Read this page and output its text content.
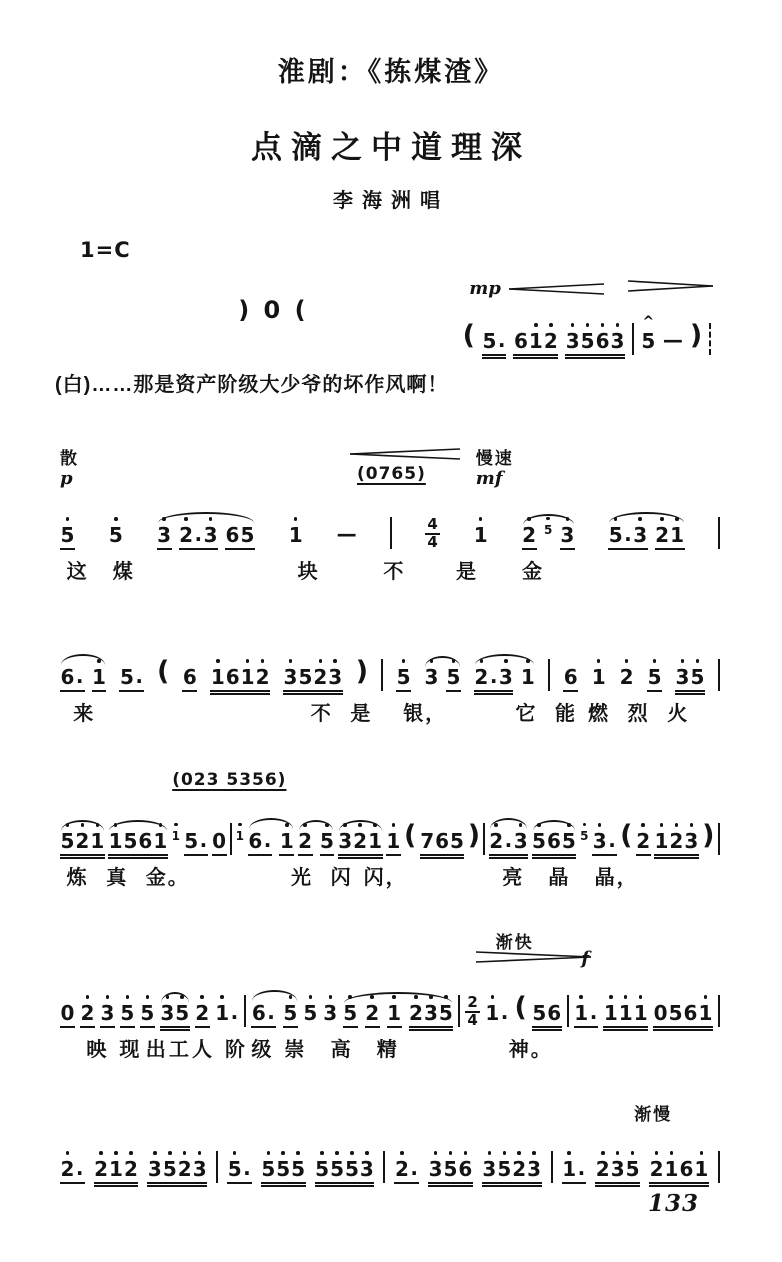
淮剧：《拣煤渣》
点滴之中道理深
李海洲唱
1=C
(白)……那是资产阶级大少爷的坏作风啊！
) 0 (
mp
( 5 . 6 1 2 3 5 6 3 ^ 5 — )
散
p	(0765)
慢速
mf
5 5 3 2 . 3 6 5 1 —	$\frac{4}{4} 1$ 2 5 3 5 . 3 2 1
这 煤	块	不	是 金
6 . 1 5 . ( 6 1 6 1 2 3 5 2 3 ) 5 3 5 2 . 3 1 6 1 2 5 3 5
来	不 是 银，	它 能 燃 烈 火
(023 5356)
5 2 1 1 5 6 1 1 5 . 0 1 6 . 1 2 5 3 2 1 1 ( 7 6 5 ) 2 . 3 5 6 5 5 3 . ( 2 1 2 3 )
炼 真 金。	光 闪 闪，	亮 晶 晶，
渐快
f
0 2 3 5 5 3 5 2 1 . 6 . 5 5 3 5 2 1 2 3 $5 \frac{2}{4} 1$ . ( 5 6 1 . 1 1 1 0 5 6 1
映 现 出 工 人 阶 级 崇 高 精	神。
渐慢
2 . 2 1 2 3 5 2 3 5 . 5 5 5 5 5 5 3 2 . 3 5 6 3 5 2 3 1 . 2 3 5 2 1 6 1
133
